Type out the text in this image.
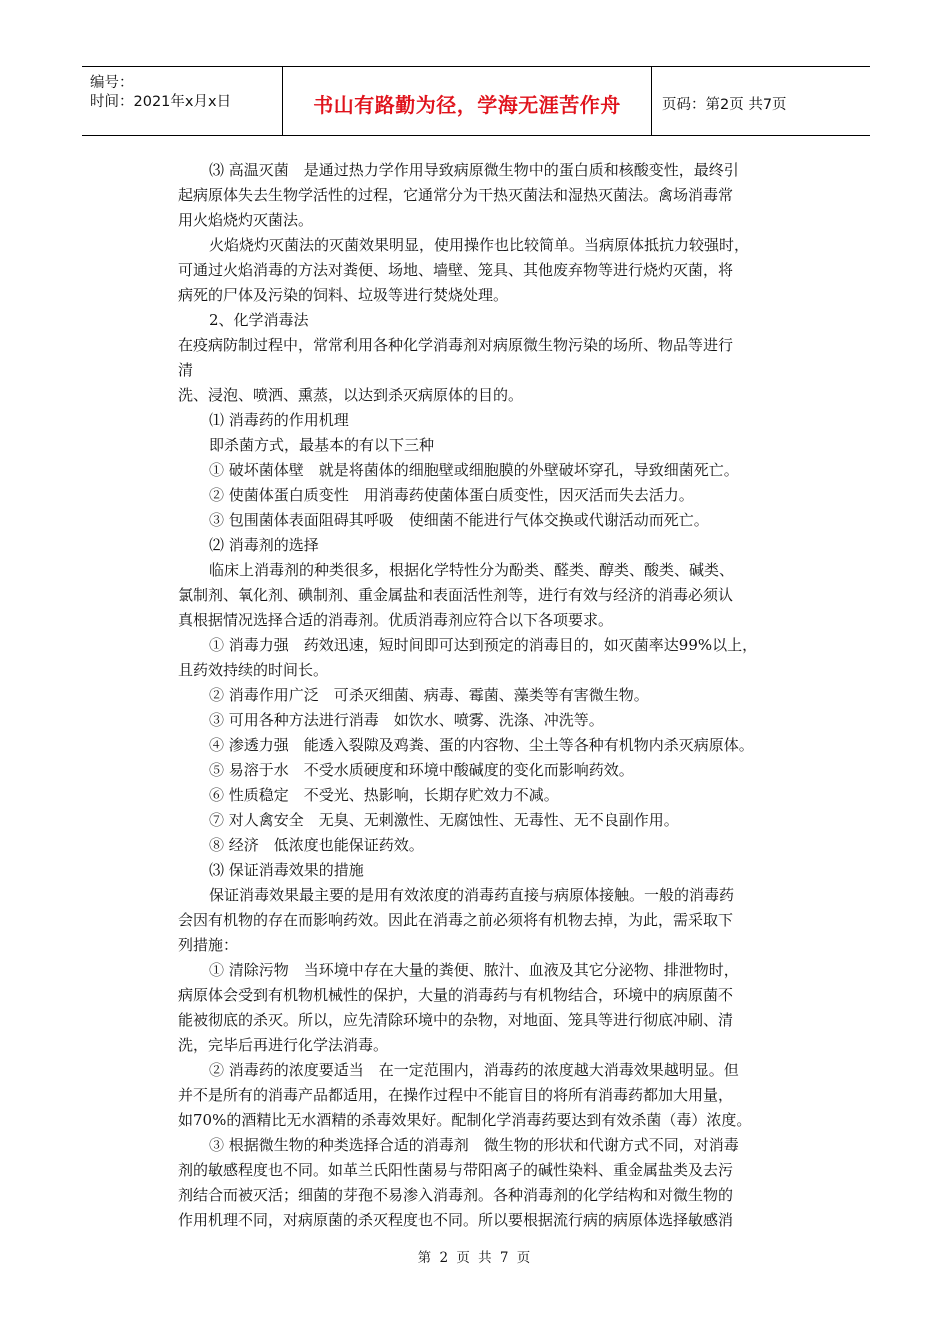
编号：
时间：2021年x月x日	书山有路勤为径，学海无涯苦作舟	页码：第2页 共7页

⑶ 高温灭菌　是通过热力学作用导致病原微生物中的蛋白质和核酸变性，最终引

起病原体失去生物学活性的过程，它通常分为干热灭菌法和湿热灭菌法。禽场消毒常

用火焰烧灼灭菌法。

火焰烧灼灭菌法的灭菌效果明显，使用操作也比较简单。当病原体抵抗力较强时，

可通过火焰消毒的方法对粪便、场地、墙壁、笼具、其他废弃物等进行烧灼灭菌，将

病死的尸体及污染的饲料、垃圾等进行焚烧处理。

2、化学消毒法

在疫病防制过程中，常常利用各种化学消毒剂对病原微生物污染的场所、物品等进行

清

洗、浸泡、喷洒、熏蒸，以达到杀灭病原体的目的。

⑴ 消毒药的作用机理

即杀菌方式，最基本的有以下三种

① 破坏菌体壁　就是将菌体的细胞壁或细胞膜的外壁破坏穿孔，导致细菌死亡。

② 使菌体蛋白质变性　用消毒药使菌体蛋白质变性，因灭活而失去活力。

③ 包围菌体表面阻碍其呼吸　使细菌不能进行气体交换或代谢活动而死亡。

⑵ 消毒剂的选择

临床上消毒剂的种类很多，根据化学特性分为酚类、醛类、醇类、酸类、碱类、

氯制剂、氧化剂、碘制剂、重金属盐和表面活性剂等，进行有效与经济的消毒必须认

真根据情况选择合适的消毒剂。优质消毒剂应符合以下各项要求。

① 消毒力强　药效迅速，短时间即可达到预定的消毒目的，如灭菌率达99%以上，

且药效持续的时间长。

② 消毒作用广泛　可杀灭细菌、病毒、霉菌、藻类等有害微生物。

③ 可用各种方法进行消毒　如饮水、喷雾、洗涤、冲洗等。

④ 渗透力强　能透入裂隙及鸡粪、蛋的内容物、尘土等各种有机物内杀灭病原体。

⑤ 易溶于水　不受水质硬度和环境中酸碱度的变化而影响药效。

⑥ 性质稳定　不受光、热影响，长期存贮效力不减。

⑦ 对人禽安全　无臭、无刺激性、无腐蚀性、无毒性、无不良副作用。

⑧ 经济　低浓度也能保证药效。

⑶ 保证消毒效果的措施

保证消毒效果最主要的是用有效浓度的消毒药直接与病原体接触。一般的消毒药

会因有机物的存在而影响药效。因此在消毒之前必须将有机物去掉，为此，需采取下

列措施：

① 清除污物　当环境中存在大量的粪便、脓汁、血液及其它分泌物、排泄物时，

病原体会受到有机物机械性的保护，大量的消毒药与有机物结合，环境中的病原菌不

能被彻底的杀灭。所以，应先清除环境中的杂物，对地面、笼具等进行彻底冲刷、清

洗，完毕后再进行化学法消毒。

② 消毒药的浓度要适当　在一定范围内，消毒药的浓度越大消毒效果越明显。但

并不是所有的消毒产品都适用，在操作过程中不能盲目的将所有消毒药都加大用量，

如70%的酒精比无水酒精的杀毒效果好。配制化学消毒药要达到有效杀菌（毒）浓度。

③ 根据微生物的种类选择合适的消毒剂　微生物的形状和代谢方式不同，对消毒

剂的敏感程度也不同。如革兰氏阳性菌易与带阳离子的碱性染料、重金属盐类及去污

剂结合而被灭活；细菌的芽孢不易渗入消毒剂。各种消毒剂的化学结构和对微生物的

作用机理不同，对病原菌的杀灭程度也不同。所以要根据流行病的病原体选择敏感消

第 2 页 共 7 页
